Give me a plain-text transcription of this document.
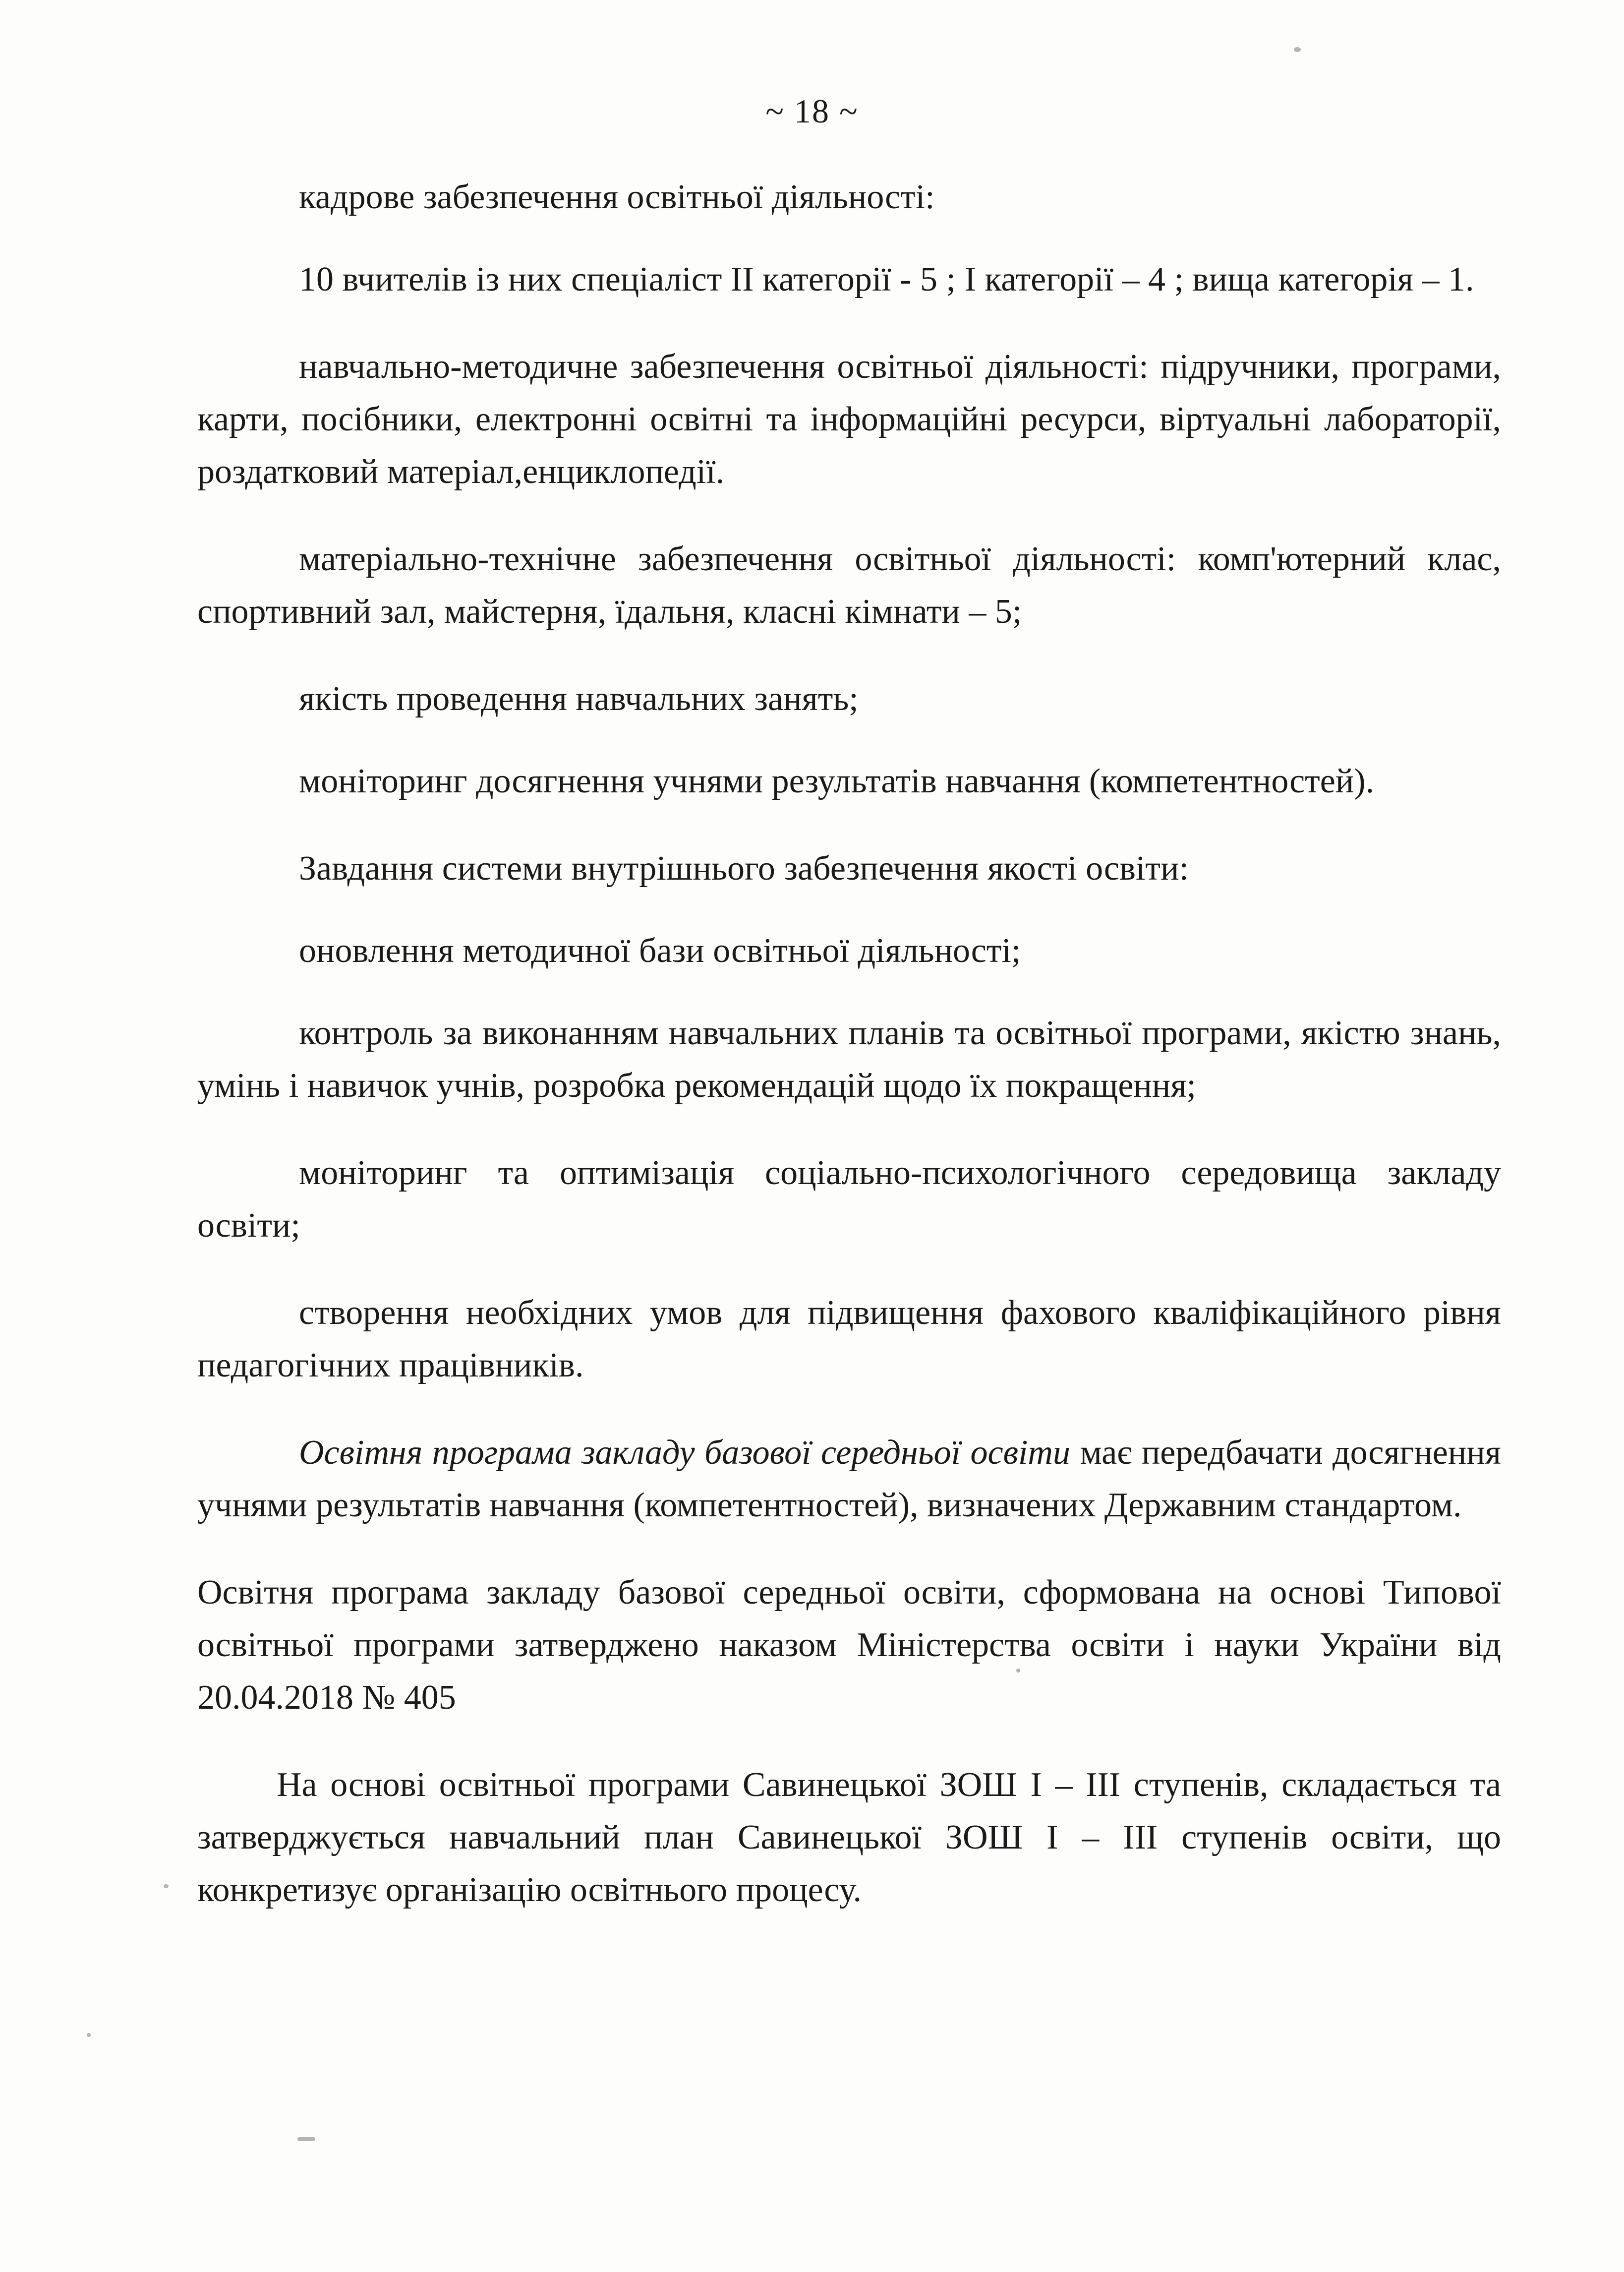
~ 18 ~

кадрове забезпечення освітньої діяльності:

10 вчителів із них спеціаліст II категорії - 5 ; I категорії – 4 ; вища категорія – 1.

навчально-методичне забезпечення освітньої діяльності: підручники, програми, карти, посібники, електронні освітні та інформаційні ресурси, віртуальні лабораторії, роздатковий матеріал,енциклопедії.

матеріально-технічне забезпечення освітньої діяльності: комп'ютерний клас, спортивний зал, майстерня, їдальня, класні кімнати – 5;

якість проведення навчальних занять;

моніторинг досягнення учнями результатів навчання (компетентностей).

Завдання системи внутрішнього забезпечення якості освіти:

оновлення методичної бази освітньої діяльності;

контроль за виконанням навчальних планів та освітньої програми, якістю знань, умінь і навичок учнів, розробка рекомендацій щодо їх покращення;

моніторинг та оптимізація соціально-психологічного середовища закладу освіти;

створення необхідних умов для підвищення фахового кваліфікаційного рівня педагогічних працівників.

Освітня програма закладу базової середньої освіти має передбачати досягнення учнями результатів навчання (компетентностей), визначених Державним стандартом.

Освітня програма закладу базової середньої освіти, сформована на основі Типової освітньої програми затверджено наказом Міністерства освіти і науки України від 20.04.2018 № 405

На основі освітньої програми Савинецької ЗОШ I – III ступенів, складається та затверджується навчальний план Савинецької ЗОШ I – III ступенів освіти, що конкретизує організацію освітнього процесу.
